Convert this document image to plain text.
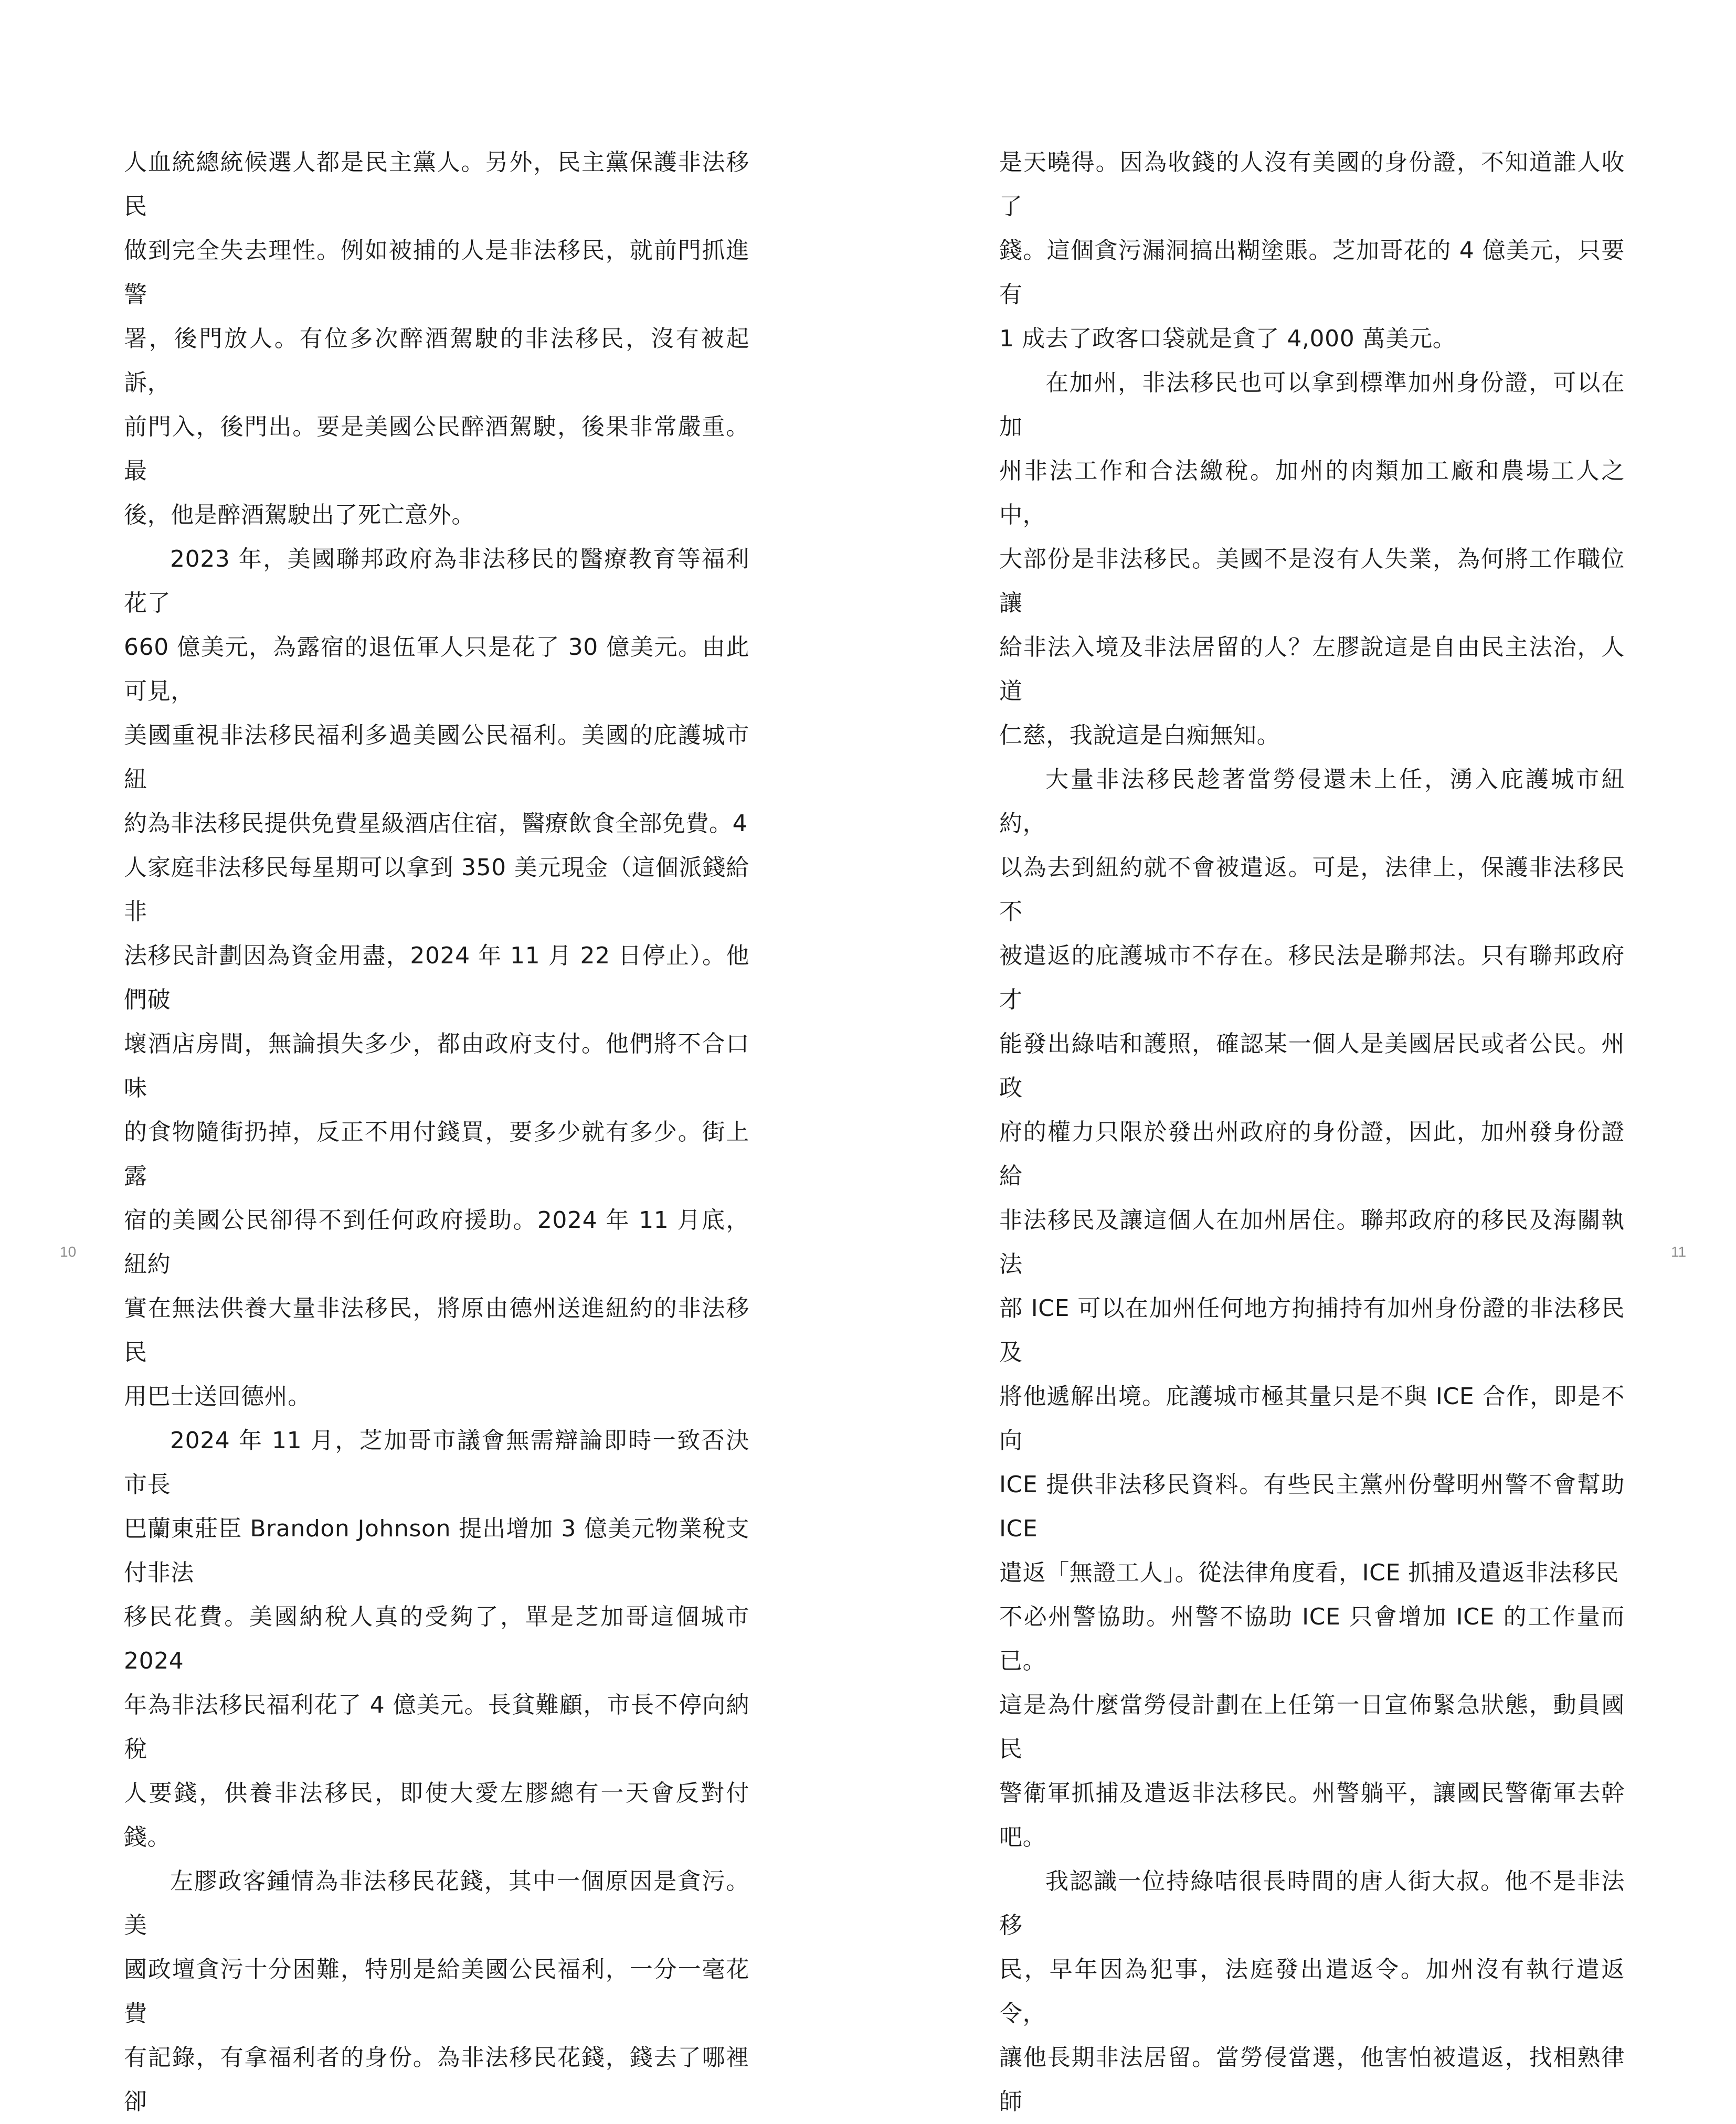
人血統總統候選人都是民主黨人。另外，民主黨保護非法移民
做到完全失去理性。例如被捕的人是非法移民，就前門抓進警
署，後門放人。有位多次醉酒駕駛的非法移民，沒有被起訴，
前門入，後門出。要是美國公民醉酒駕駛，後果非常嚴重。最
後，他是醉酒駕駛出了死亡意外。

2023 年，美國聯邦政府為非法移民的醫療教育等福利花了
660 億美元，為露宿的退伍軍人只是花了 30 億美元。由此可見，
美國重視非法移民福利多過美國公民福利。美國的庇護城市紐
約為非法移民提供免費星級酒店住宿，醫療飲食全部免費。4
人家庭非法移民每星期可以拿到 350 美元現金（這個派錢給非
法移民計劃因為資金用盡，2024 年 11 月 22 日停止）。他們破
壞酒店房間，無論損失多少，都由政府支付。他們將不合口味
的食物隨街扔掉，反正不用付錢買，要多少就有多少。街上露
宿的美國公民卻得不到任何政府援助。2024 年 11 月底，紐約
實在無法供養大量非法移民，將原由德州送進紐約的非法移民
用巴士送回德州。

2024 年 11 月，芝加哥市議會無需辯論即時一致否決市長
巴蘭東莊臣 Brandon Johnson 提出增加 3 億美元物業稅支付非法
移民花費。美國納稅人真的受夠了，單是芝加哥這個城市 2024
年為非法移民福利花了 4 億美元。長貧難顧，市長不停向納稅
人要錢，供養非法移民，即使大愛左膠總有一天會反對付錢。

左膠政客鍾情為非法移民花錢，其中一個原因是貪污。美
國政壇貪污十分困難，特別是給美國公民福利，一分一毫花費
有記錄，有拿福利者的身份。為非法移民花錢，錢去了哪裡卻

10

是天曉得。因為收錢的人沒有美國的身份證，不知道誰人收了
錢。這個貪污漏洞搞出糊塗賬。芝加哥花的 4 億美元，只要有
1 成去了政客口袋就是貪了 4,000 萬美元。

在加州，非法移民也可以拿到標準加州身份證，可以在加
州非法工作和合法繳稅。加州的肉類加工廠和農場工人之中，
大部份是非法移民。美國不是沒有人失業，為何將工作職位讓
給非法入境及非法居留的人？左膠說這是自由民主法治，人道
仁慈，我說這是白痴無知。

大量非法移民趁著當勞侵還未上任，湧入庇護城市紐約，
以為去到紐約就不會被遣返。可是，法律上，保護非法移民不
被遣返的庇護城市不存在。移民法是聯邦法。只有聯邦政府才
能發出綠咭和護照，確認某一個人是美國居民或者公民。州政
府的權力只限於發出州政府的身份證，因此，加州發身份證給
非法移民及讓這個人在加州居住。聯邦政府的移民及海關執法
部 ICE 可以在加州任何地方拘捕持有加州身份證的非法移民及
將他遞解出境。庇護城市極其量只是不與 ICE 合作，即是不向
ICE 提供非法移民資料。有些民主黨州份聲明州警不會幫助 ICE
遣返「無證工人」。從法律角度看，ICE 抓捕及遣返非法移民
不必州警協助。州警不協助 ICE 只會增加 ICE 的工作量而已。
這是為什麼當勞侵計劃在上任第一日宣佈緊急狀態，動員國民
警衛軍抓捕及遣返非法移民。州警躺平，讓國民警衛軍去幹吧。

我認識一位持綠咭很長時間的唐人街大叔。他不是非法移
民，早年因為犯事，法庭發出遣返令。加州沒有執行遣返令，
讓他長期非法居留。當勞侵當選，他害怕被遣返，找相熟律師

11
